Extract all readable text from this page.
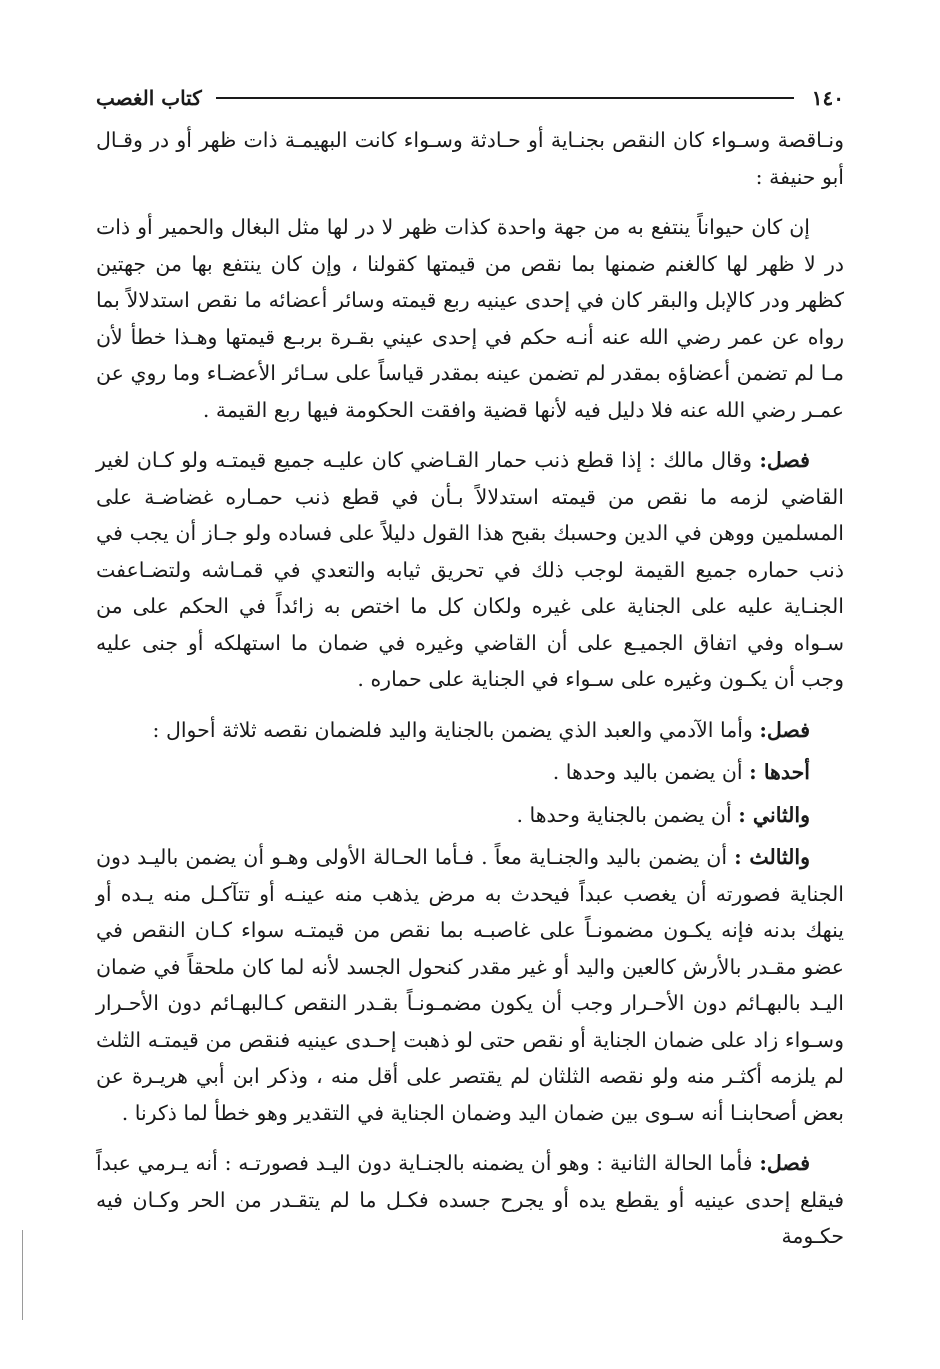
١٤٠
كتاب الغصب

ونـاقصة وسـواء كان النقص بجنـاية أو حـادثة وسـواء كانت البهيمـة ذات ظهر أو در وقـال أبو حنيفة :

إن كان حيواناً ينتفع به من جهة واحدة كذات ظهر لا در لها مثل البغال والحمير أو ذات در لا ظهر لها كالغنم ضمنها بما نقص من قيمتها كقولنا ، وإن كان ينتفع بها من جهتين كظهر ودر كالإبل والبقر كان في إحدى عينيه ربع قيمته وسائر أعضائه ما نقص استدلالاً بما رواه عن عمر رضي الله عنه أنـه حكم في إحدى عيني بقـرة بربـع قيمتها وهـذا خطأ لأن مـا لم تضمن أعضاؤه بمقدر لم تضمن عينه بمقدر قياساً على سـائر الأعضـاء وما روي عن عمـر رضي الله عنه فلا دليل فيه لأنها قضية وافقت الحكومة فيها ربع القيمة .

فصل: وقال مالك : إذا قطع ذنب حمار القـاضي كان عليـه جميع قيمتـه ولو كـان لغير القاضي لزمه ما نقص من قيمته استدلالاً بـأن في قطع ذنب حمـاره غضاضـة على المسلمين ووهن في الدين وحسبك بقبح هذا القول دليلاً على فساده ولو جـاز أن يجب في ذنب حماره جميع القيمة لوجب ذلك في تحريق ثيابه والتعدي في قمـاشه ولتضـاعفت الجنـاية عليه على الجناية على غيره ولكان كل ما اختص به زائداً في الحكم على من سـواه وفي اتفاق الجميـع على أن القاضي وغيره في ضمان ما استهلكه أو جنى عليه وجب أن يكـون وغيره على سـواء في الجناية على حماره .

فصل: وأما الآدمي والعبد الذي يضمن بالجناية واليد فلضمان نقصه ثلاثة أحوال :

أحدها : أن يضمن باليد وحدها .

والثاني : أن يضمن بالجناية وحدها .

والثالث : أن يضمن باليد والجنـاية معاً . فـأما الحـالة الأولى وهـو أن يضمن باليـد دون الجناية فصورته أن يغصب عبداً فيحدث به مرض يذهب منه عينـه أو تتآكـل منه يـده أو ينهك بدنه فإنه يكـون مضمونـاً على غاصبـه بما نقص من قيمتـه سواء كـان النقص في عضو مقـدر بالأرش كالعين واليد أو غير مقدر كنحول الجسد لأنه لما كان ملحقاً في ضمان اليـد بالبهـائم دون الأحـرار وجب أن يكون مضمـونـاً بقـدر النقص كـالبهـائم دون الأحـرار وسـواء زاد على ضمان الجناية أو نقص حتى لو ذهبت إحـدى عينيه فنقص من قيمتـه الثلث لم يلزمه أكثـر منه ولو نقصه الثلثان لم يقتصر على أقل منه ، وذكر ابن أبي هريـرة عن بعض أصحابنـا أنه سـوى بين ضمان اليد وضمان الجناية في التقدير وهو خطأ لما ذكرنا .

فصل: فأما الحالة الثانية : وهو أن يضمنه بالجنـاية دون اليـد فصورتـه : أنه يـرمي عبداً فيقلع إحدى عينيه أو يقطع يده أو يجرح جسده فكـل ما لم يتقـدر من الحر وكـان فيه حكـومة
